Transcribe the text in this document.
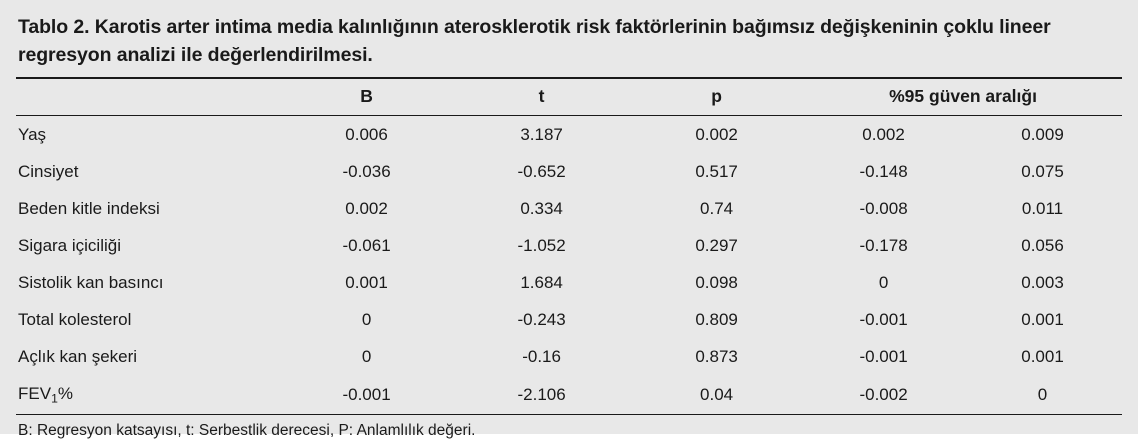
Tablo 2. Karotis arter intima media kalınlığının aterosklerotik risk faktörlerinin bağımsız değişkeninin çoklu lineer regresyon analizi ile değerlendirilmesi.
	B	t	p	%95 güven aralığı	
Yaş	0.006	3.187	0.002	0.002	0.009
Cinsiyet	-0.036	-0.652	0.517	-0.148	0.075
Beden kitle indeksi	0.002	0.334	0.74	-0.008	0.011
Sigara içiciliği	-0.061	-1.052	0.297	-0.178	0.056
Sistolik kan basıncı	0.001	1.684	0.098	0	0.003
Total kolesterol	0	-0.243	0.809	-0.001	0.001
Açlık kan şekeri	0	-0.16	0.873	-0.001	0.001
$FEV_1\%$	-0.001	-2.106	0.04	-0.002	0
B: Regresyon katsayısı, t: Serbestlik derecesi, P: Anlamlılık değeri.
